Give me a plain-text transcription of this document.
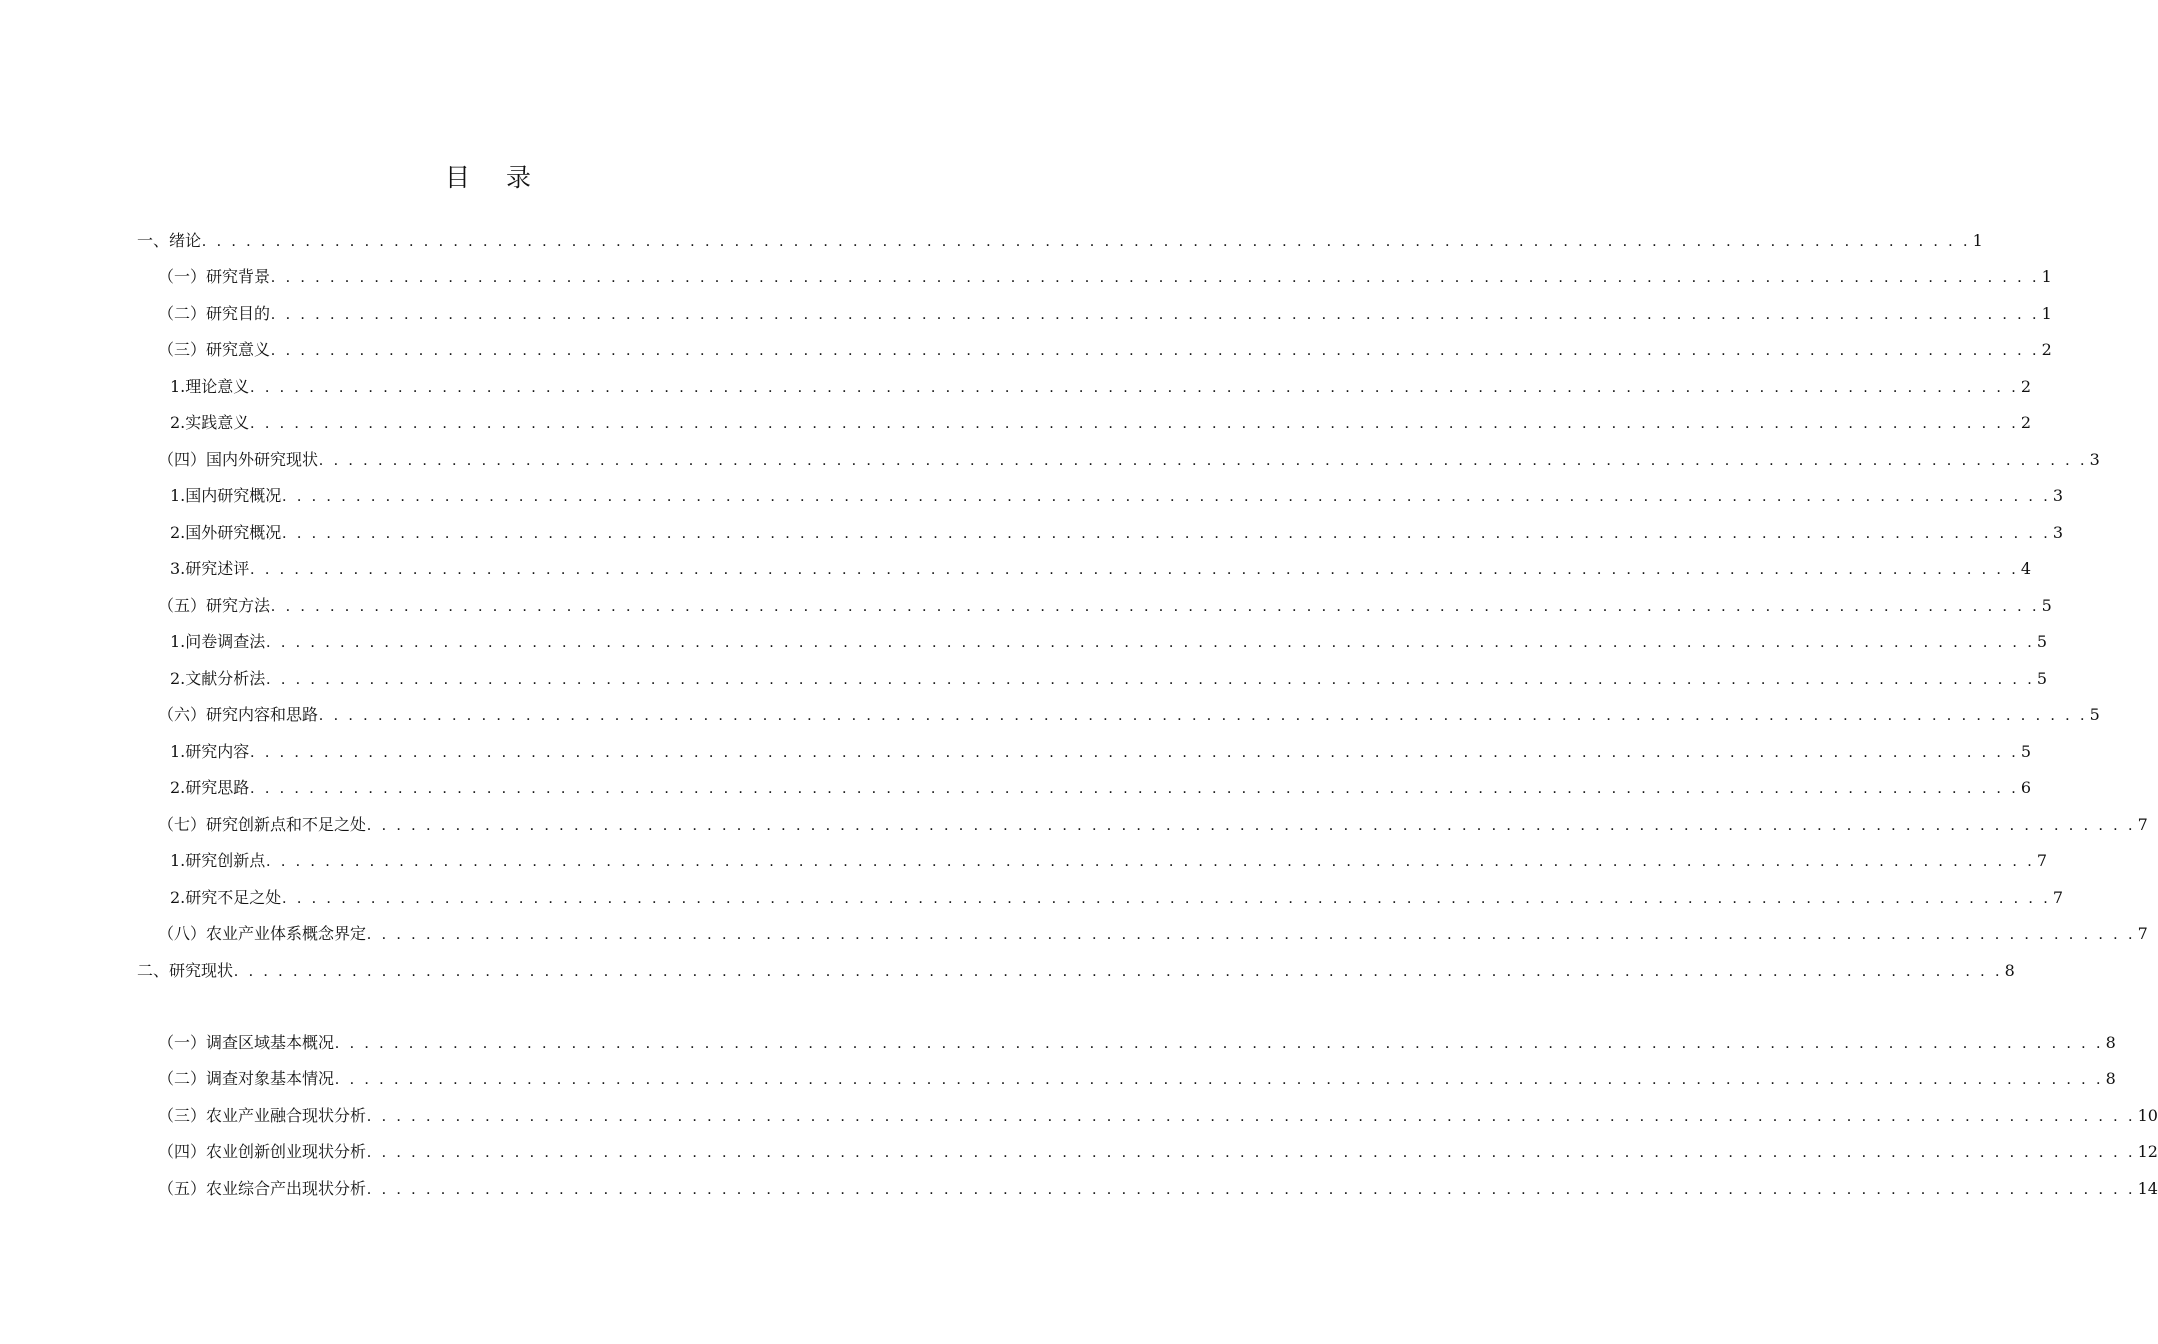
目 录
一、绪论 . . . . . . . . . . . . . . . . . . . . . . . . . . . . . . . . . . . . . . . . . . . . . . . . . . . . . . . . . . . . . . . . . . . . . . . . . . . . . . . . . . . . . . . . . . . . . . . . . . . . . . . . . . . . . . . . . . . . . . . . 1
（一）研究背景 . . . . . . . . . . . . . . . . . . . . . . . . . . . . . . . . . . . . . . . . . . . . . . . . . . . . . . . . . . . . . . . . . . . . . . . . . . . . . . . . . . . . . . . . . . . . . . . . . . . . . . . . . . . . . . . . . . . . . . . . 1
（二）研究目的 . . . . . . . . . . . . . . . . . . . . . . . . . . . . . . . . . . . . . . . . . . . . . . . . . . . . . . . . . . . . . . . . . . . . . . . . . . . . . . . . . . . . . . . . . . . . . . . . . . . . . . . . . . . . . . . . . . . . . . . . 1
（三）研究意义 . . . . . . . . . . . . . . . . . . . . . . . . . . . . . . . . . . . . . . . . . . . . . . . . . . . . . . . . . . . . . . . . . . . . . . . . . . . . . . . . . . . . . . . . . . . . . . . . . . . . . . . . . . . . . . . . . . . . . . . . 2
1.理论意义 . . . . . . . . . . . . . . . . . . . . . . . . . . . . . . . . . . . . . . . . . . . . . . . . . . . . . . . . . . . . . . . . . . . . . . . . . . . . . . . . . . . . . . . . . . . . . . . . . . . . . . . . . . . . . . . . . . . . . . . . 2
2.实践意义 . . . . . . . . . . . . . . . . . . . . . . . . . . . . . . . . . . . . . . . . . . . . . . . . . . . . . . . . . . . . . . . . . . . . . . . . . . . . . . . . . . . . . . . . . . . . . . . . . . . . . . . . . . . . . . . . . . . . . . . . 2
（四）国内外研究现状 . . . . . . . . . . . . . . . . . . . . . . . . . . . . . . . . . . . . . . . . . . . . . . . . . . . . . . . . . . . . . . . . . . . . . . . . . . . . . . . . . . . . . . . . . . . . . . . . . . . . . . . . . . . . . . . . . . . . . . . . 3
1.国内研究概况 . . . . . . . . . . . . . . . . . . . . . . . . . . . . . . . . . . . . . . . . . . . . . . . . . . . . . . . . . . . . . . . . . . . . . . . . . . . . . . . . . . . . . . . . . . . . . . . . . . . . . . . . . . . . . . . . . . . . . . . . 3
2.国外研究概况 . . . . . . . . . . . . . . . . . . . . . . . . . . . . . . . . . . . . . . . . . . . . . . . . . . . . . . . . . . . . . . . . . . . . . . . . . . . . . . . . . . . . . . . . . . . . . . . . . . . . . . . . . . . . . . . . . . . . . . . . 3
3.研究述评 . . . . . . . . . . . . . . . . . . . . . . . . . . . . . . . . . . . . . . . . . . . . . . . . . . . . . . . . . . . . . . . . . . . . . . . . . . . . . . . . . . . . . . . . . . . . . . . . . . . . . . . . . . . . . . . . . . . . . . . . 4
（五）研究方法 . . . . . . . . . . . . . . . . . . . . . . . . . . . . . . . . . . . . . . . . . . . . . . . . . . . . . . . . . . . . . . . . . . . . . . . . . . . . . . . . . . . . . . . . . . . . . . . . . . . . . . . . . . . . . . . . . . . . . . . . 5
1.问卷调查法 . . . . . . . . . . . . . . . . . . . . . . . . . . . . . . . . . . . . . . . . . . . . . . . . . . . . . . . . . . . . . . . . . . . . . . . . . . . . . . . . . . . . . . . . . . . . . . . . . . . . . . . . . . . . . . . . . . . . . . . . 5
2.文献分析法 . . . . . . . . . . . . . . . . . . . . . . . . . . . . . . . . . . . . . . . . . . . . . . . . . . . . . . . . . . . . . . . . . . . . . . . . . . . . . . . . . . . . . . . . . . . . . . . . . . . . . . . . . . . . . . . . . . . . . . . . 5
（六）研究内容和思路 . . . . . . . . . . . . . . . . . . . . . . . . . . . . . . . . . . . . . . . . . . . . . . . . . . . . . . . . . . . . . . . . . . . . . . . . . . . . . . . . . . . . . . . . . . . . . . . . . . . . . . . . . . . . . . . . . . . . . . . . 5
1.研究内容 . . . . . . . . . . . . . . . . . . . . . . . . . . . . . . . . . . . . . . . . . . . . . . . . . . . . . . . . . . . . . . . . . . . . . . . . . . . . . . . . . . . . . . . . . . . . . . . . . . . . . . . . . . . . . . . . . . . . . . . . 5
2.研究思路 . . . . . . . . . . . . . . . . . . . . . . . . . . . . . . . . . . . . . . . . . . . . . . . . . . . . . . . . . . . . . . . . . . . . . . . . . . . . . . . . . . . . . . . . . . . . . . . . . . . . . . . . . . . . . . . . . . . . . . . . 6
（七）研究创新点和不足之处 . . . . . . . . . . . . . . . . . . . . . . . . . . . . . . . . . . . . . . . . . . . . . . . . . . . . . . . . . . . . . . . . . . . . . . . . . . . . . . . . . . . . . . . . . . . . . . . . . . . . . . . . . . . . . . . . . . . . . . . . 7
1.研究创新点 . . . . . . . . . . . . . . . . . . . . . . . . . . . . . . . . . . . . . . . . . . . . . . . . . . . . . . . . . . . . . . . . . . . . . . . . . . . . . . . . . . . . . . . . . . . . . . . . . . . . . . . . . . . . . . . . . . . . . . . . 7
2.研究不足之处 . . . . . . . . . . . . . . . . . . . . . . . . . . . . . . . . . . . . . . . . . . . . . . . . . . . . . . . . . . . . . . . . . . . . . . . . . . . . . . . . . . . . . . . . . . . . . . . . . . . . . . . . . . . . . . . . . . . . . . . . 7
（八）农业产业体系概念界定 . . . . . . . . . . . . . . . . . . . . . . . . . . . . . . . . . . . . . . . . . . . . . . . . . . . . . . . . . . . . . . . . . . . . . . . . . . . . . . . . . . . . . . . . . . . . . . . . . . . . . . . . . . . . . . . . . . . . . . . . 7
二、研究现状 . . . . . . . . . . . . . . . . . . . . . . . . . . . . . . . . . . . . . . . . . . . . . . . . . . . . . . . . . . . . . . . . . . . . . . . . . . . . . . . . . . . . . . . . . . . . . . . . . . . . . . . . . . . . . . . . . . . . . . . . 8
（一）调查区域基本概况 . . . . . . . . . . . . . . . . . . . . . . . . . . . . . . . . . . . . . . . . . . . . . . . . . . . . . . . . . . . . . . . . . . . . . . . . . . . . . . . . . . . . . . . . . . . . . . . . . . . . . . . . . . . . . . . . . . . . . . . . 8
（二）调查对象基本情况 . . . . . . . . . . . . . . . . . . . . . . . . . . . . . . . . . . . . . . . . . . . . . . . . . . . . . . . . . . . . . . . . . . . . . . . . . . . . . . . . . . . . . . . . . . . . . . . . . . . . . . . . . . . . . . . . . . . . . . . . 8
（三）农业产业融合现状分析 . . . . . . . . . . . . . . . . . . . . . . . . . . . . . . . . . . . . . . . . . . . . . . . . . . . . . . . . . . . . . . . . . . . . . . . . . . . . . . . . . . . . . . . . . . . . . . . . . . . . . . . . . . . . . . . . . . . . . . . . 10
（四）农业创新创业现状分析 . . . . . . . . . . . . . . . . . . . . . . . . . . . . . . . . . . . . . . . . . . . . . . . . . . . . . . . . . . . . . . . . . . . . . . . . . . . . . . . . . . . . . . . . . . . . . . . . . . . . . . . . . . . . . . . . . . . . . . . . 12
（五）农业综合产出现状分析 . . . . . . . . . . . . . . . . . . . . . . . . . . . . . . . . . . . . . . . . . . . . . . . . . . . . . . . . . . . . . . . . . . . . . . . . . . . . . . . . . . . . . . . . . . . . . . . . . . . . . . . . . . . . . . . . . . . . . . . . 14
